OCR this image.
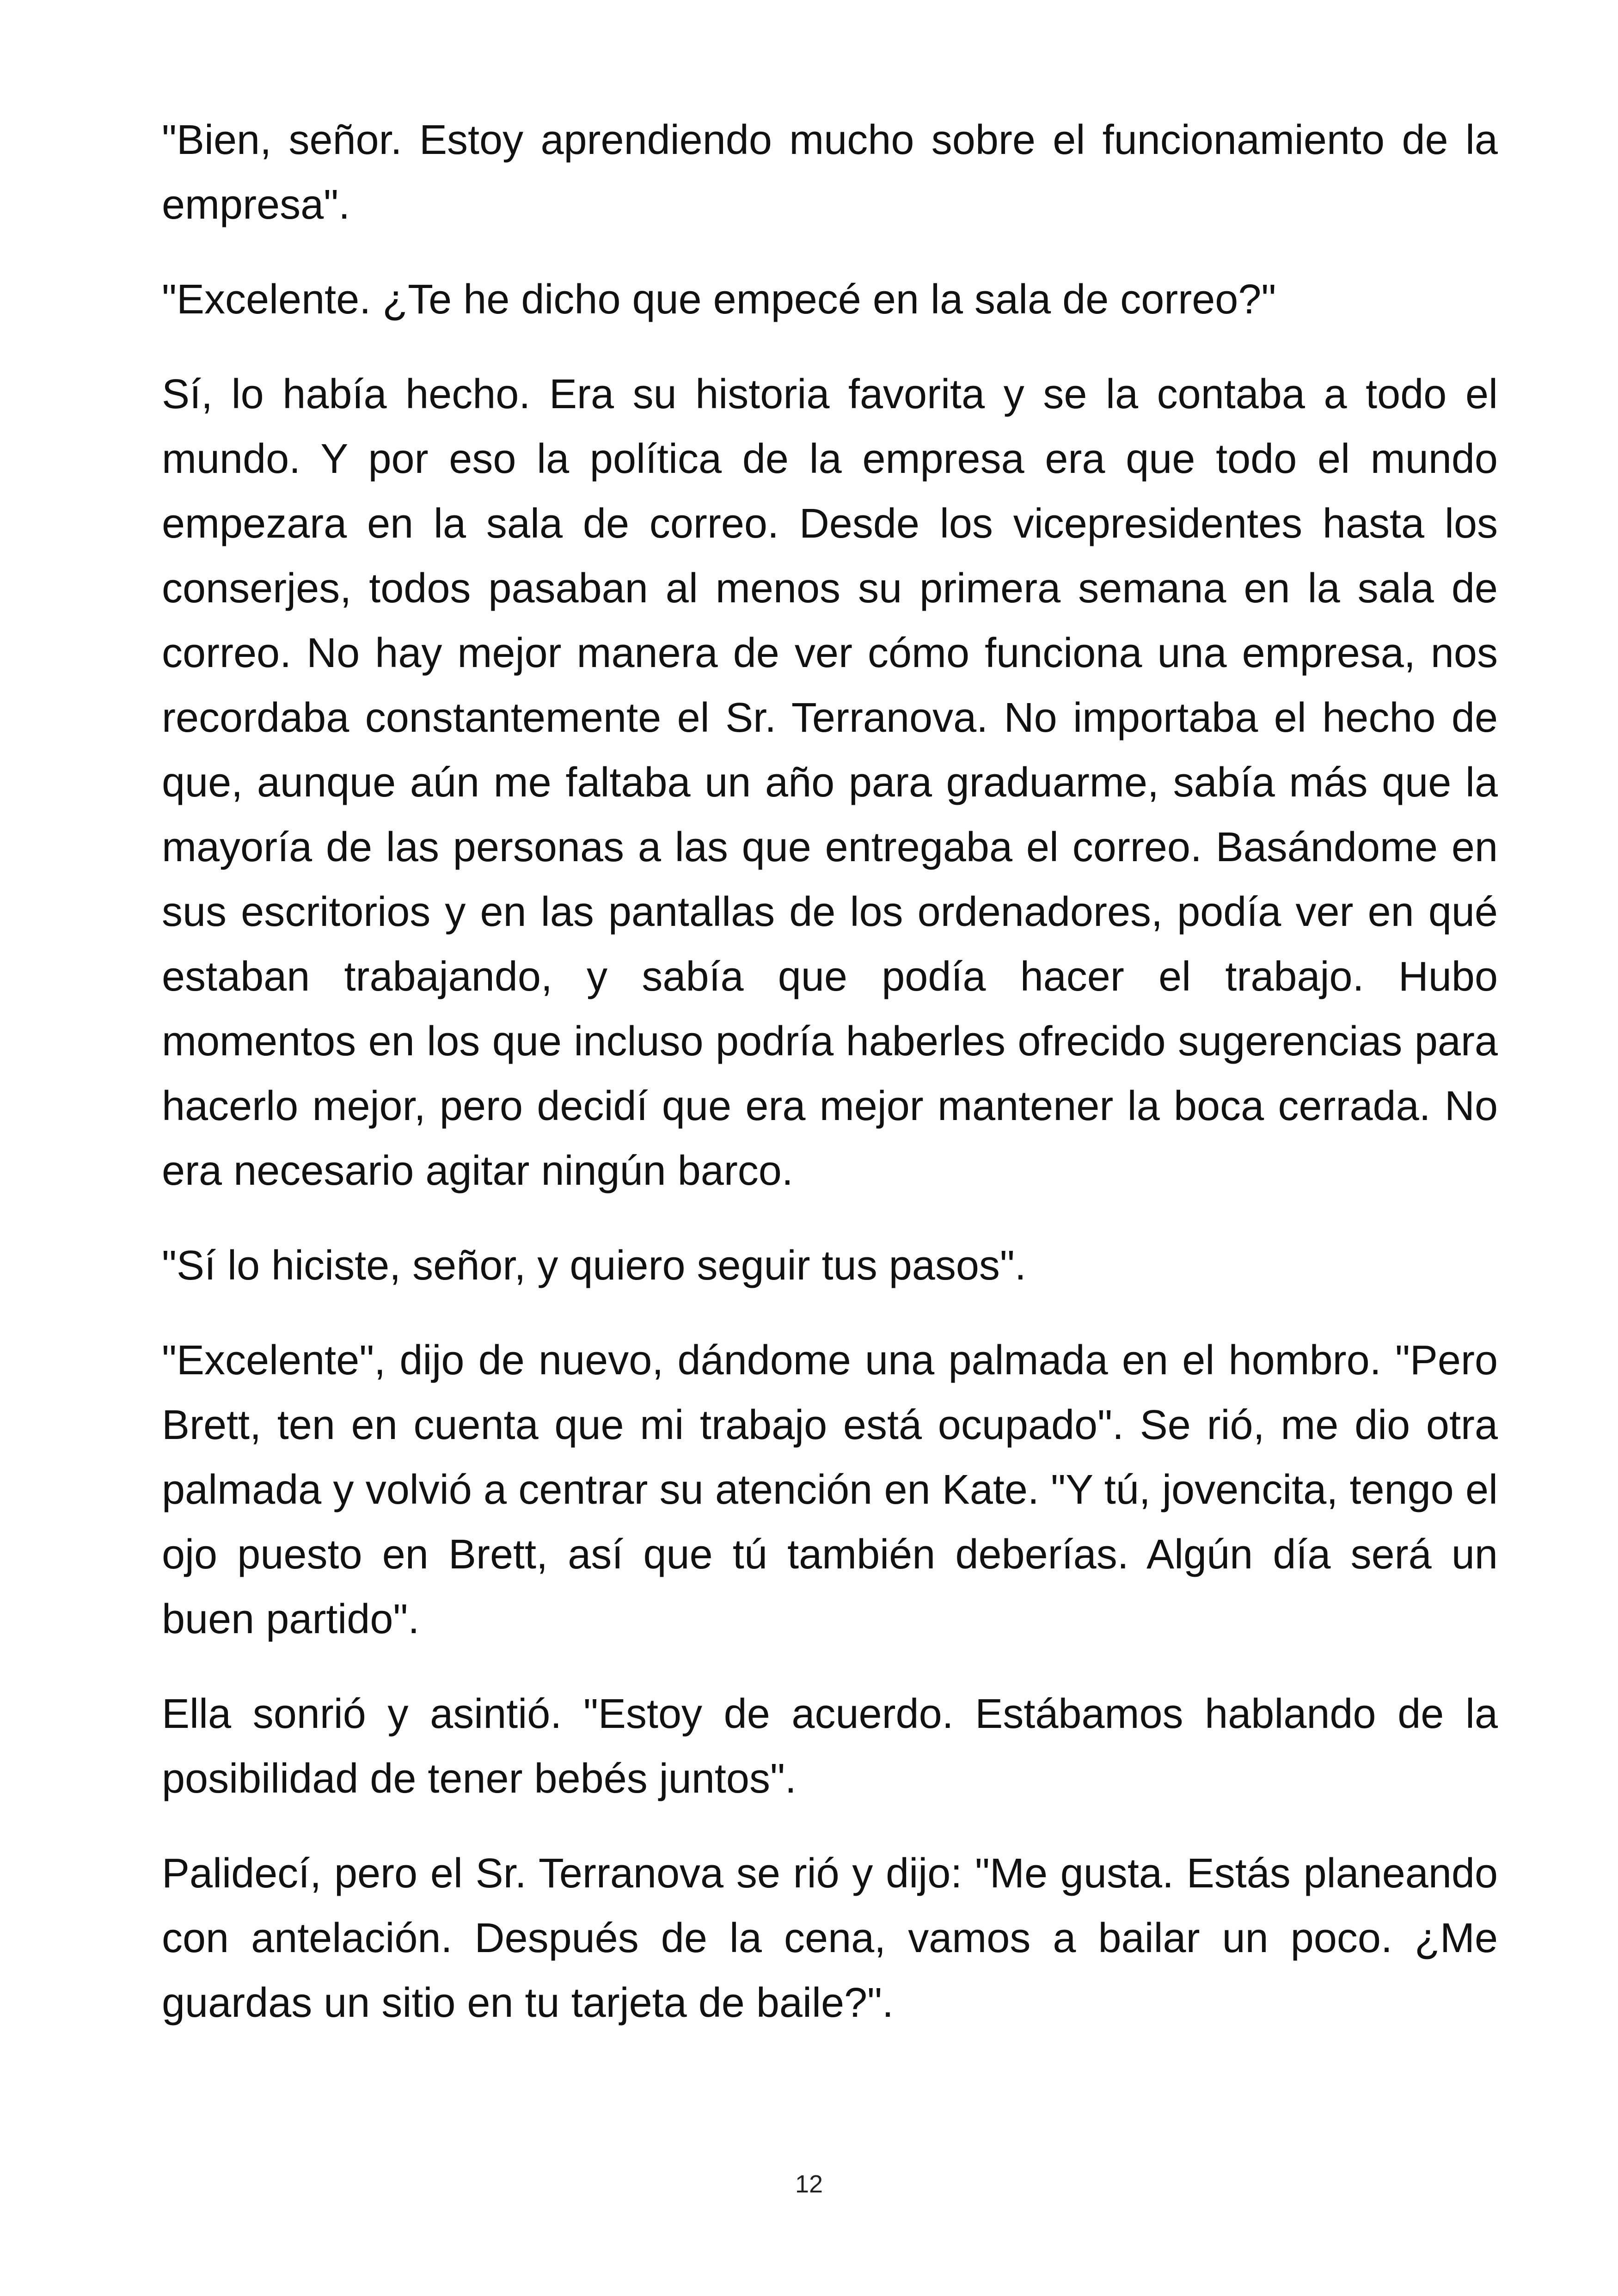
"Bien, señor. Estoy aprendiendo mucho sobre el funcionamiento de la empresa".

"Excelente. ¿Te he dicho que empecé en la sala de correo?"

Sí, lo había hecho. Era su historia favorita y se la contaba a todo el mundo. Y por eso la política de la empresa era que todo el mundo empezara en la sala de correo. Desde los vicepresidentes hasta los conserjes, todos pasaban al menos su primera semana en la sala de correo. No hay mejor manera de ver cómo funciona una empresa, nos recordaba constantemente el Sr. Terranova. No importaba el hecho de que, aunque aún me faltaba un año para graduarme, sabía más que la mayoría de las personas a las que entregaba el correo. Basándome en sus escritorios y en las pantallas de los ordenadores, podía ver en qué estaban trabajando, y sabía que podía hacer el trabajo. Hubo momentos en los que incluso podría haberles ofrecido sugerencias para hacerlo mejor, pero decidí que era mejor mantener la boca cerrada. No era necesario agitar ningún barco.

"Sí lo hiciste, señor, y quiero seguir tus pasos".

"Excelente", dijo de nuevo, dándome una palmada en el hombro. "Pero Brett, ten en cuenta que mi trabajo está ocupado". Se rió, me dio otra palmada y volvió a centrar su atención en Kate. "Y tú, jovencita, tengo el ojo puesto en Brett, así que tú también deberías. Algún día será un buen partido".

Ella sonrió y asintió. "Estoy de acuerdo. Estábamos hablando de la posibilidad de tener bebés juntos".

Palidecí, pero el Sr. Terranova se rió y dijo: "Me gusta. Estás planeando con antelación. Después de la cena, vamos a bailar un poco. ¿Me guardas un sitio en tu tarjeta de baile?".

12
